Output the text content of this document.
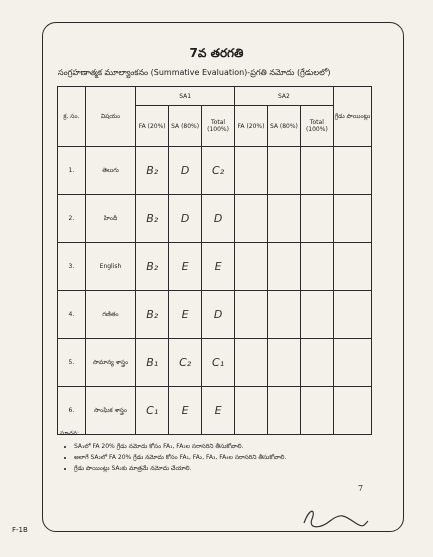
7వ తరగతి
సంగ్రహణాత్మక మూల్యాంకనం (Summative Evaluation)-ప్రగతి నమోదు (గ్రేడులలో)
క్ర. సం.	విషయం	SA1			SA2			గ్రేడు పాయింట్లు
		FA (20%)	SA (80%)	Total (100%)	FA (20%)	SA (80%)	Total (100%)	
1.	తెలుగు	B₂	D	C₂				
2.	హిందీ	B₂	D	D				
3.	English	B₂	E	E				
4.	గణితం	B₂	E	D				
5.	సామాన్య శాస్త్రం	B₁	C₂	C₁				
6.	సాంఘిక శాస్త్రం	C₁	E	E				
సూచన:
• SA₁లో FA 20% గ్రేడు నమోదు కోసం FA₁, FA₂ల సరాసరిని తీసుకోవాలి.
• అలాగే SA₂లో FA 20% గ్రేడు నమోదు కోసం FA₁, FA₂, FA₃, FA₄ల సరాసరిని తీసుకోవాలి.
• గ్రేడు పాయింట్లు SA₂కు మాత్రమే నమోదు చేయాలి.
7
F-1B
